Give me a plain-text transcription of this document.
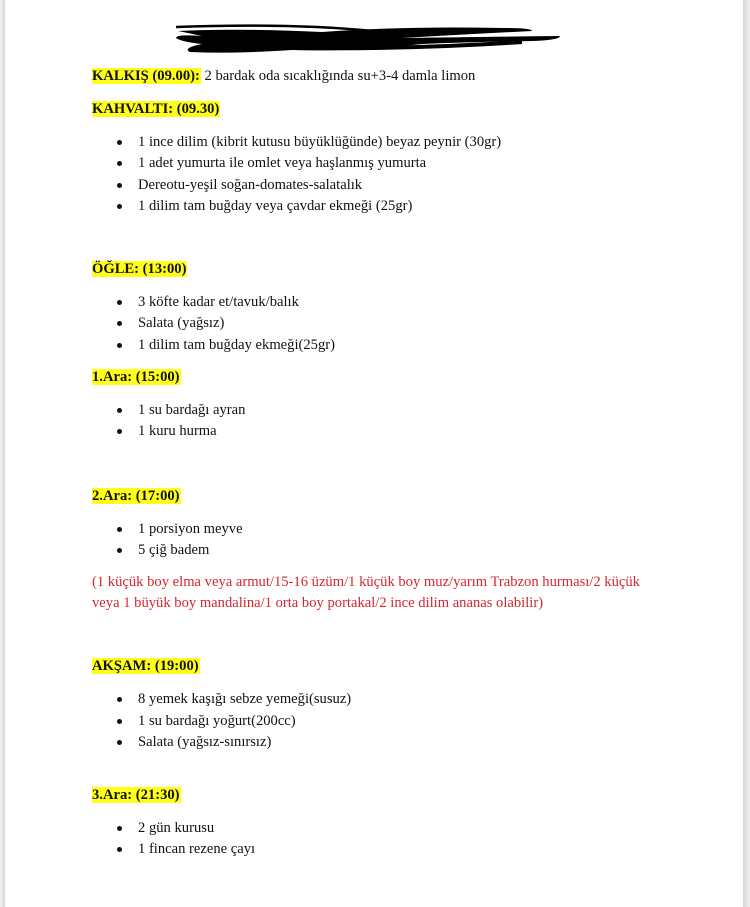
KALKIŞ (09.00): 2 bardak oda sıcaklığında su+3-4 damla limon

KAHVALTI: (09.30)

1 ince dilim (kibrit kutusu büyüklüğünde) beyaz peynir (30gr)
1 adet yumurta ile omlet veya haşlanmış yumurta
Dereotu-yeşil soğan-domates-salatalık
1 dilim tam buğday veya çavdar ekmeği (25gr)

ÖĞLE: (13:00)

3 köfte kadar et/tavuk/balık
Salata (yağsız)
1 dilim tam buğday ekmeği(25gr)

1.Ara: (15:00)

1 su bardağı ayran
1 kuru hurma

2.Ara: (17:00)

1 porsiyon meyve
5 çiğ badem

(1 küçük boy elma veya armut/15-16 üzüm/1 küçük boy muz/yarım Trabzon hurması/2 küçük veya 1 büyük boy mandalina/1 orta boy portakal/2 ince dilim ananas olabilir)

AKŞAM: (19:00)

8 yemek kaşığı sebze yemeği(susuz)
1 su bardağı yoğurt(200cc)
Salata (yağsız-sınırsız)

3.Ara: (21:30)

2 gün kurusu
1 fincan rezene çayı
